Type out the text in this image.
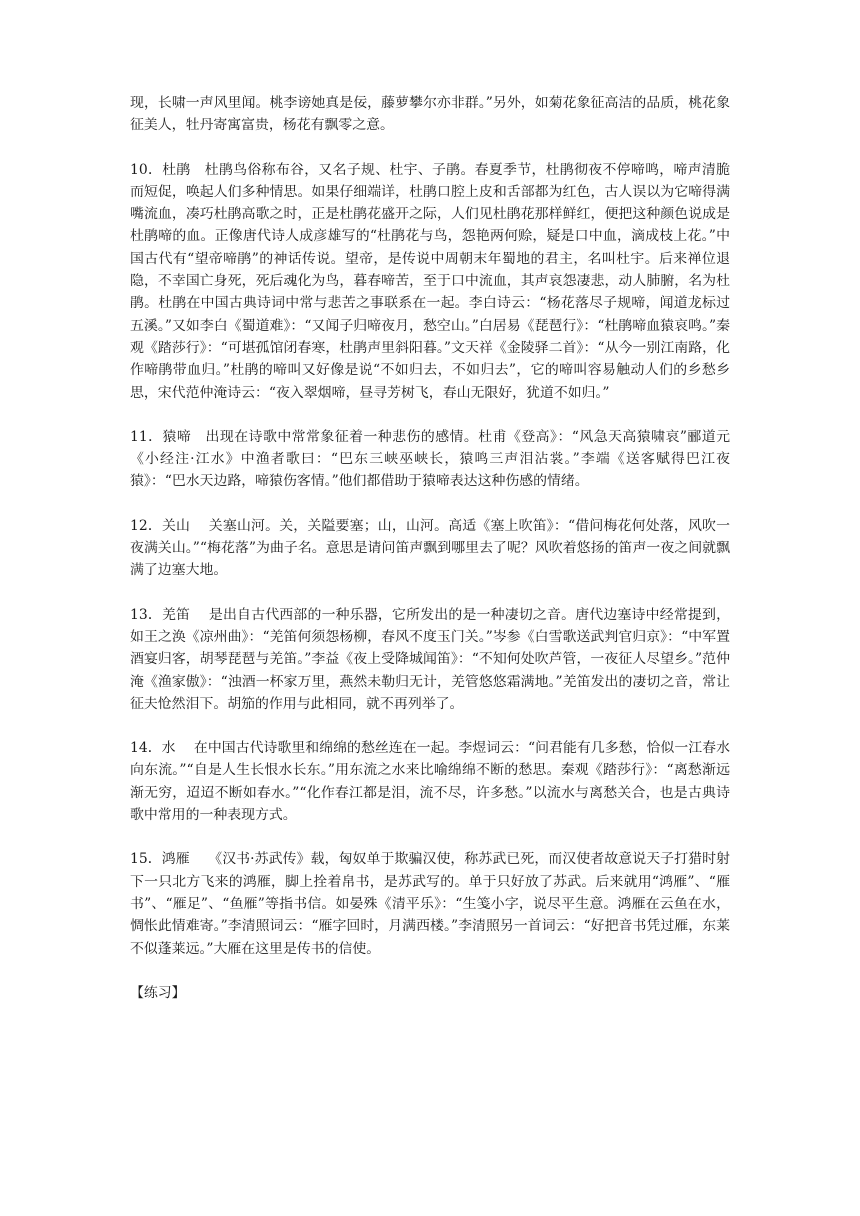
现，长啸一声风里闻。桃李谤她真是佞，藤萝攀尔亦非群。”另外，如菊花象征高洁的品质，桃花象征美人，牡丹寄寓富贵，杨花有飘零之意。

10．杜鹃　杜鹃鸟俗称布谷，又名子规、杜宇、子鹃。春夏季节，杜鹃彻夜不停啼鸣，啼声清脆而短促，唤起人们多种情思。如果仔细端详，杜鹃口腔上皮和舌部都为红色，古人误以为它啼得满嘴流血，凑巧杜鹃高歌之时，正是杜鹃花盛开之际，人们见杜鹃花那样鲜红，便把这种颜色说成是杜鹃啼的血。正像唐代诗人成彦雄写的“杜鹃花与鸟，怨艳两何赊，疑是口中血，滴成枝上花。”中国古代有“望帝啼鹃”的神话传说。望帝，是传说中周朝末年蜀地的君主，名叫杜宇。后来禅位退隐，不幸国亡身死，死后魂化为鸟，暮春啼苦，至于口中流血，其声哀怨凄悲，动人肺腑，名为杜鹃。杜鹃在中国古典诗词中常与悲苦之事联系在一起。李白诗云：“杨花落尽子规啼，闻道龙标过五溪。”又如李白《蜀道难》：“又闻子归啼夜月，愁空山。”白居易《琵琶行》：“杜鹃啼血猿哀鸣。”秦观《踏莎行》：“可堪孤馆闭春寒，杜鹃声里斜阳暮。”文天祥《金陵驿二首》：“从今一别江南路，化作啼鹃带血归。”杜鹃的啼叫又好像是说“不如归去，不如归去”，它的啼叫容易触动人们的乡愁乡思，宋代范仲淹诗云：“夜入翠烟啼，昼寻芳树飞，春山无限好，犹道不如归。”

11．猿啼　出现在诗歌中常常象征着一种悲伤的感情。杜甫《登高》：“风急天高猿啸哀”郦道元《小经注·江水》中渔者歌曰：“巴东三峡巫峡长，猿鸣三声泪沾裳。”李端《送客赋得巴江夜猿》：“巴水天边路，啼猿伤客情。”他们都借助于猿啼表达这种伤感的情绪。

12．关山　 关塞山河。关，关隘要塞；山，山河。高适《塞上吹笛》：“借问梅花何处落，风吹一夜满关山。”“梅花落”为曲子名。意思是请问笛声飘到哪里去了呢？风吹着悠扬的笛声一夜之间就飘满了边塞大地。

13．羌笛　 是出自古代西部的一种乐器，它所发出的是一种凄切之音。唐代边塞诗中经常提到，如王之涣《凉州曲》：“羌笛何须怨杨柳，春风不度玉门关。”岑参《白雪歌送武判官归京》：“中军置酒宴归客，胡琴琵琶与羌笛。”李益《夜上受降城闻笛》：“不知何处吹芦管，一夜征人尽望乡。”范仲淹《渔家傲》：“浊酒一杯家万里，燕然未勒归无计，羌管悠悠霜满地。”羌笛发出的凄切之音，常让征夫怆然泪下。胡笳的作用与此相同，就不再列举了。

14．水　 在中国古代诗歌里和绵绵的愁丝连在一起。李煜词云：“问君能有几多愁，恰似一江春水向东流。”“自是人生长恨水长东。”用东流之水来比喻绵绵不断的愁思。秦观《踏莎行》：“离愁渐远渐无穷，迢迢不断如春水。”“化作春江都是泪，流不尽，许多愁。”以流水与离愁关合，也是古典诗歌中常用的一种表现方式。

15．鸿雁　 《汉书·苏武传》载，匈奴单于欺骗汉使，称苏武已死，而汉使者故意说天子打猎时射下一只北方飞来的鸿雁，脚上拴着帛书，是苏武写的。单于只好放了苏武。后来就用“鸿雁”、“雁书”、“雁足”、“鱼雁”等指书信。如晏殊《清平乐》：“生笺小字，说尽平生意。鸿雁在云鱼在水，惆怅此情难寄。”李清照词云：“雁字回时，月满西楼。”李清照另一首词云：“好把音书凭过雁，东莱不似蓬莱远。”大雁在这里是传书的信使。

【练习】
